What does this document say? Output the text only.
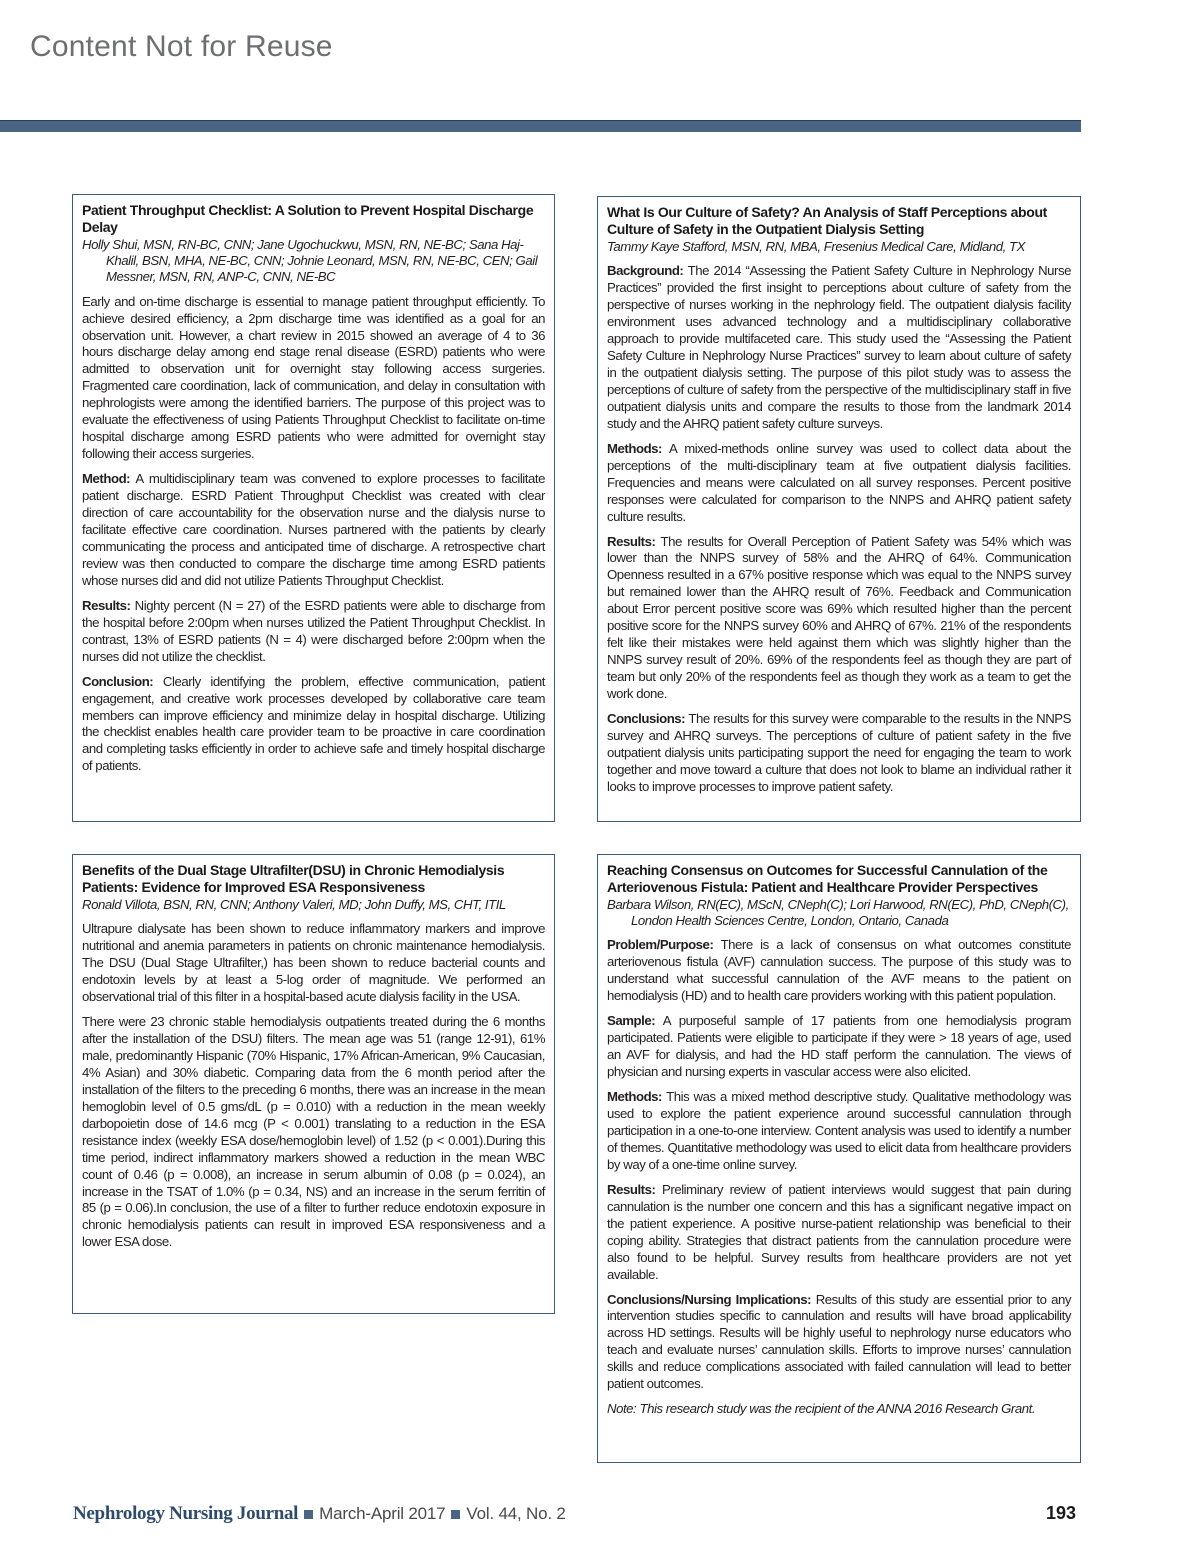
Content Not for Reuse
Patient Throughput Checklist: A Solution to Prevent Hospital Discharge Delay
Holly Shui, MSN, RN-BC, CNN; Jane Ugochuckwu, MSN, RN, NE-BC; Sana Haj-Khalil, BSN, MHA, NE-BC, CNN; Johnie Leonard, MSN, RN, NE-BC, CEN; Gail Messner, MSN, RN, ANP-C, CNN, NE-BC

Early and on-time discharge is essential to manage patient throughput efficiently. To achieve desired efficiency, a 2pm discharge time was identified as a goal for an observation unit. However, a chart review in 2015 showed an average of 4 to 36 hours discharge delay among end stage renal disease (ESRD) patients who were admitted to observation unit for overnight stay following access surgeries. Fragmented care coordination, lack of communication, and delay in consultation with nephrologists were among the identified barriers. The purpose of this project was to evaluate the effectiveness of using Patients Throughput Checklist to facilitate on-time hospital discharge among ESRD patients who were admitted for overnight stay following their access surgeries.

Method: A multidisciplinary team was convened to explore processes to facilitate patient discharge. ESRD Patient Throughput Checklist was created with clear direction of care accountability for the observation nurse and the dialysis nurse to facilitate effective care coordination. Nurses partnered with the patients by clearly communicating the process and anticipated time of discharge. A retrospective chart review was then conducted to compare the discharge time among ESRD patients whose nurses did and did not utilize Patients Throughput Checklist.

Results: Nighty percent (N = 27) of the ESRD patients were able to discharge from the hospital before 2:00pm when nurses utilized the Patient Throughput Checklist. In contrast, 13% of ESRD patients (N = 4) were discharged before 2:00pm when the nurses did not utilize the checklist.

Conclusion: Clearly identifying the problem, effective communication, patient engagement, and creative work processes developed by collaborative care team members can improve efficiency and minimize delay in hospital discharge. Utilizing the checklist enables health care provider team to be proactive in care coordination and completing tasks efficiently in order to achieve safe and timely hospital discharge of patients.

What Is Our Culture of Safety? An Analysis of Staff Perceptions about Culture of Safety in the Outpatient Dialysis Setting
Tammy Kaye Stafford, MSN, RN, MBA, Fresenius Medical Care, Midland, TX

Background: The 2014 “Assessing the Patient Safety Culture in Nephrology Nurse Practices” provided the first insight to perceptions about culture of safety from the perspective of nurses working in the nephrology field. The outpatient dialysis facility environment uses advanced technology and a multidisciplinary collaborative approach to provide multifaceted care. This study used the “Assessing the Patient Safety Culture in Nephrology Nurse Practices” survey to learn about culture of safety in the outpatient dialysis setting. The purpose of this pilot study was to assess the perceptions of culture of safety from the perspective of the multidisciplinary staff in five outpatient dialysis units and compare the results to those from the landmark 2014 study and the AHRQ patient safety culture surveys.

Methods: A mixed-methods online survey was used to collect data about the perceptions of the multi-disciplinary team at five outpatient dialysis facilities. Frequencies and means were calculated on all survey responses. Percent positive responses were calculated for comparison to the NNPS and AHRQ patient safety culture results.

Results: The results for Overall Perception of Patient Safety was 54% which was lower than the NNPS survey of 58% and the AHRQ of 64%. Communication Openness resulted in a 67% positive response which was equal to the NNPS survey but remained lower than the AHRQ result of 76%. Feedback and Communication about Error percent positive score was 69% which resulted higher than the percent positive score for the NNPS survey 60% and AHRQ of 67%. 21% of the respondents felt like their mistakes were held against them which was slightly higher than the NNPS survey result of 20%. 69% of the respondents feel as though they are part of team but only 20% of the respondents feel as though they work as a team to get the work done.

Conclusions: The results for this survey were comparable to the results in the NNPS survey and AHRQ surveys. The perceptions of culture of patient safety in the five outpatient dialysis units participating support the need for engaging the team to work together and move toward a culture that does not look to blame an individual rather it looks to improve processes to improve patient safety.

Benefits of the Dual Stage Ultrafilter(DSU) in Chronic Hemodialysis Patients: Evidence for Improved ESA Responsiveness
Ronald Villota, BSN, RN, CNN; Anthony Valeri, MD; John Duffy, MS, CHT, ITIL

Ultrapure dialysate has been shown to reduce inflammatory markers and improve nutritional and anemia parameters in patients on chronic maintenance hemodialysis. The DSU (Dual Stage Ultrafilter,) has been shown to reduce bacterial counts and endotoxin levels by at least a 5-log order of magnitude. We performed an observational trial of this filter in a hospital-based acute dialysis facility in the USA.

There were 23 chronic stable hemodialysis outpatients treated during the 6 months after the installation of the DSU) filters. The mean age was 51 (range 12-91), 61% male, predominantly Hispanic (70% Hispanic, 17% African-American, 9% Caucasian, 4% Asian) and 30% diabetic. Comparing data from the 6 month period after the installation of the filters to the preceding 6 months, there was an increase in the mean hemoglobin level of 0.5 gms/dL (p = 0.010) with a reduction in the mean weekly darbopoietin dose of 14.6 mcg (P < 0.001) translating to a reduction in the ESA resistance index (weekly ESA dose/hemoglobin level) of 1.52 (p < 0.001).During this time period, indirect inflammatory markers showed a reduction in the mean WBC count of 0.46 (p = 0.008), an increase in serum albumin of 0.08 (p = 0.024), an increase in the TSAT of 1.0% (p = 0.34, NS) and an increase in the serum ferritin of 85 (p = 0.06).In conclusion, the use of a filter to further reduce endotoxin exposure in chronic hemodialysis patients can result in improved ESA responsiveness and a lower ESA dose.

Reaching Consensus on Outcomes for Successful Cannulation of the Arteriovenous Fistula: Patient and Healthcare Provider Perspectives
Barbara Wilson, RN(EC), MScN, CNeph(C); Lori Harwood, RN(EC), PhD, CNeph(C), London Health Sciences Centre, London, Ontario, Canada

Problem/Purpose: There is a lack of consensus on what outcomes constitute arteriovenous fistula (AVF) cannulation success. The purpose of this study was to understand what successful cannulation of the AVF means to the patient on hemodialysis (HD) and to health care providers working with this patient population.

Sample: A purposeful sample of 17 patients from one hemodialysis program participated. Patients were eligible to participate if they were > 18 years of age, used an AVF for dialysis, and had the HD staff perform the cannulation. The views of physician and nursing experts in vascular access were also elicited.

Methods: This was a mixed method descriptive study. Qualitative methodology was used to explore the patient experience around successful cannulation through participation in a one-to-one interview. Content analysis was used to identify a number of themes. Quantitative methodology was used to elicit data from healthcare providers by way of a one-time online survey.

Results: Preliminary review of patient interviews would suggest that pain during cannulation is the number one concern and this has a significant negative impact on the patient experience. A positive nurse-patient relationship was beneficial to their coping ability. Strategies that distract patients from the cannulation procedure were also found to be helpful. Survey results from healthcare providers are not yet available.

Conclusions/Nursing Implications: Results of this study are essential prior to any intervention studies specific to cannulation and results will have broad applicability across HD settings. Results will be highly useful to nephrology nurse educators who teach and evaluate nurses’ cannulation skills. Efforts to improve nurses’ cannulation skills and reduce complications associated with failed cannulation will lead to better patient outcomes.

Note: This research study was the recipient of the ANNA 2016 Research Grant.

Nephrology Nursing Journal March-April 2017 Vol. 44, No. 2	193
